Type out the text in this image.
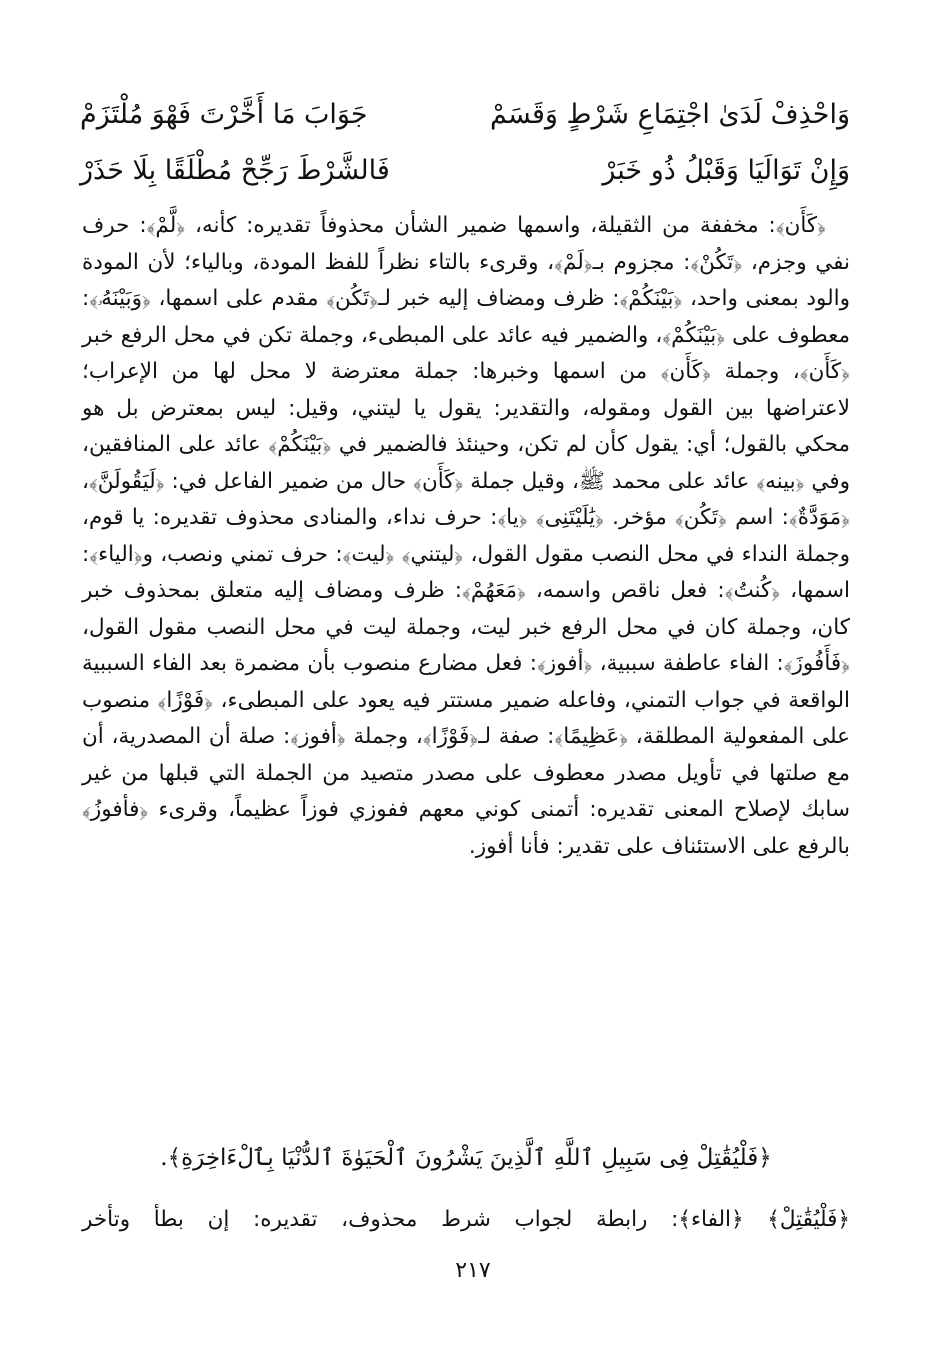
وَاحْذِفْ لَدَىٰ اجْتِمَاعِ شَرْطٍ وَقَسَمْ
جَوَابَ مَا أَخَّرْتَ فَهْوَ مُلْتَزَمْ
وَإِنْ تَوَالَيَا وَقَبْلُ ذُو خَبَرْ
فَالشَّرْطَ رَجِّحْ مُطْلَقًا بِلَا حَذَرْ

﴿كَأَن﴾: مخففة من الثقيلة، واسمها ضمير الشأن محذوفاً تقديره: كأنه، ﴿لَّمْ﴾: حرف نفي وجزم، ﴿تَكُنْ﴾: مجزوم بـ﴿لَمْ﴾، وقرىء بالتاء نظراً للفظ المودة، وبالياء؛ لأن المودة والود بمعنى واحد، ﴿بَيْنَكُمْ﴾: ظرف ومضاف إليه خبر لـ﴿تَكُن﴾ مقدم على اسمها، ﴿وَبَيْنَهُۥ﴾: معطوف على ﴿بَيْنَكُمْ﴾، والضمير فيه عائد على المبطىء، وجملة تكن في محل الرفع خبر ﴿كَأَن﴾، وجملة ﴿كَأَن﴾ من اسمها وخبرها: جملة معترضة لا محل لها من الإعراب؛ لاعتراضها بين القول ومقوله، والتقدير: يقول يا ليتني، وقيل: ليس بمعترض بل هو محكي بالقول؛ أي: يقول كأن لم تكن، وحينئذ فالضمير في ﴿بَيْنَكُمْ﴾ عائد على المنافقين، وفي ﴿بينه﴾ عائد على محمد ﷺ، وقيل جملة ﴿كَأَن﴾ حال من ضمير الفاعل في: ﴿لَيَقُولَنَّ﴾، ﴿مَوَدَّةٌ﴾: اسم ﴿تَكُن﴾ مؤخر. ﴿يَٰلَيْتَنِى﴾ ﴿يا﴾: حرف نداء، والمنادى محذوف تقديره: يا قوم، وجملة النداء في محل النصب مقول القول، ﴿ليتني﴾ ﴿ليت﴾: حرف تمني ونصب، و﴿الياء﴾: اسمها، ﴿كُنتُ﴾: فعل ناقص واسمه، ﴿مَعَهُمْ﴾: ظرف ومضاف إليه متعلق بمحذوف خبر كان، وجملة كان في محل الرفع خبر ليت، وجملة ليت في محل النصب مقول القول، ﴿فَأَفُوزَ﴾: الفاء عاطفة سببية، ﴿أفوز﴾: فعل مضارع منصوب بأن مضمرة بعد الفاء السببية الواقعة في جواب التمني، وفاعله ضمير مستتر فيه يعود على المبطىء، ﴿فَوْزًا﴾ منصوب على المفعولية المطلقة، ﴿عَظِيمًا﴾: صفة لـ﴿فَوْزًا﴾، وجملة ﴿أفوز﴾: صلة أن المصدرية، أن مع صلتها في تأويل مصدر معطوف على مصدر متصيد من الجملة التي قبلها من غير سابك لإصلاح المعنى تقديره: أتمنى كوني معهم ففوزي فوزاً عظيماً، وقرىء ﴿فأفوزُ﴾ بالرفع على الاستئناف على تقدير: فأنا أفوز.

﴿فَلْيُقَٰتِلْ فِى سَبِيلِ ٱللَّهِ ٱلَّذِينَ يَشْرُونَ ٱلْحَيَوٰةَ ٱلدُّنْيَا بِٱلْءَاخِرَةِ﴾.
﴿فَلْيُقَٰتِلْ﴾ ﴿الفاء﴾: رابطة لجواب شرط محذوف، تقديره: إن بطأ وتأخر
٢١٧
